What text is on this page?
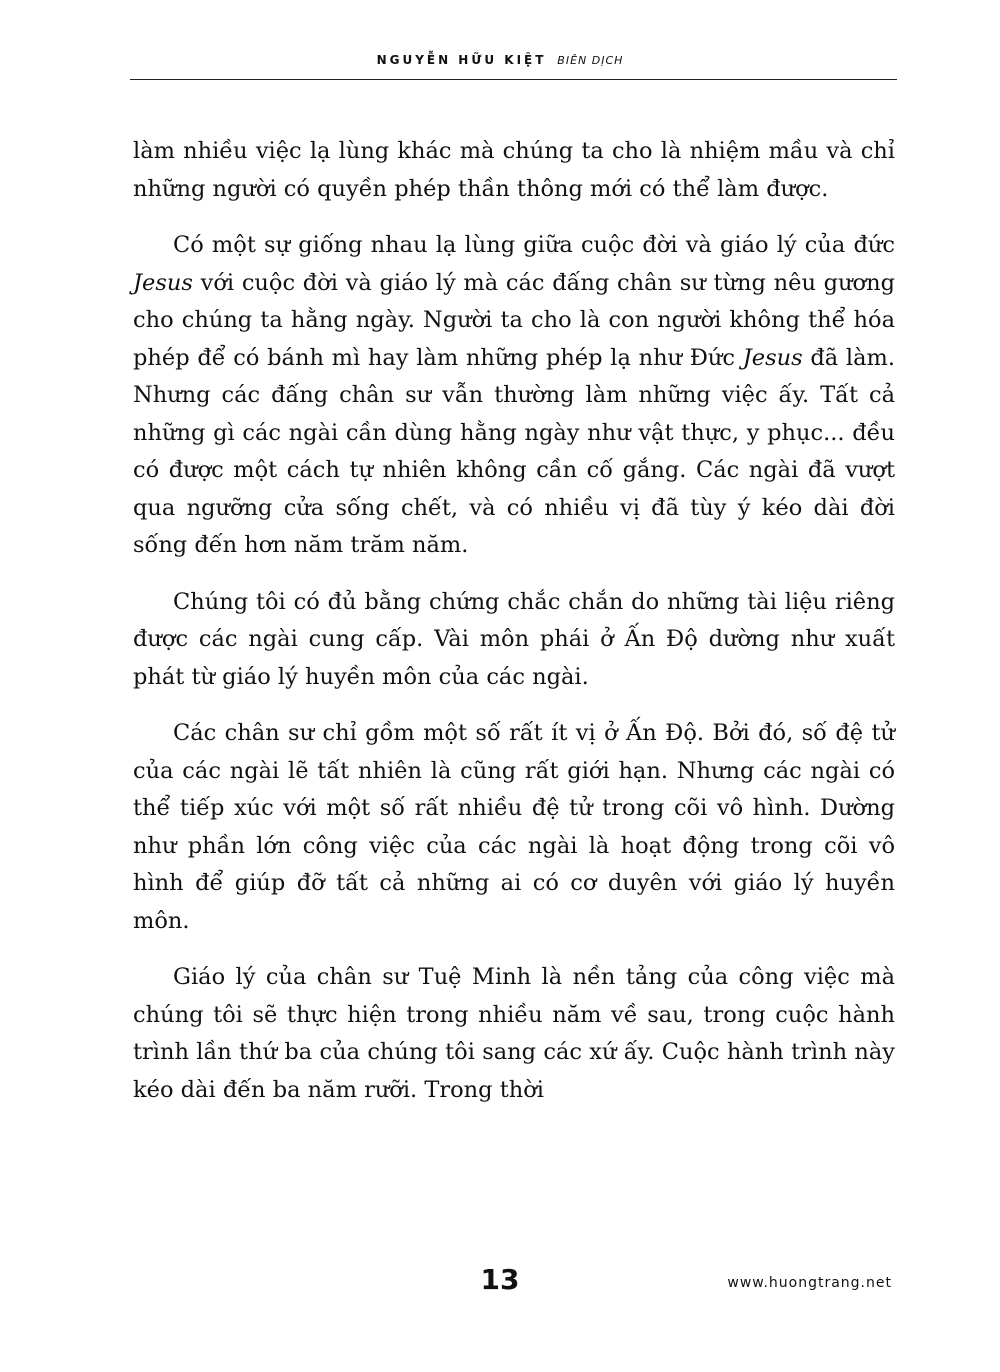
NGUYỄN HỮU KIỆT BIÊN DỊCH

làm nhiều việc lạ lùng khác mà chúng ta cho là nhiệm mầu và chỉ những người có quyền phép thần thông mới có thể làm được.

Có một sự giống nhau lạ lùng giữa cuộc đời và giáo lý của đức Jesus với cuộc đời và giáo lý mà các đấng chân sư từng nêu gương cho chúng ta hằng ngày. Người ta cho là con người không thể hóa phép để có bánh mì hay làm những phép lạ như Đức Jesus đã làm. Nhưng các đấng chân sư vẫn thường làm những việc ấy. Tất cả những gì các ngài cần dùng hằng ngày như vật thực, y phục... đều có được một cách tự nhiên không cần cố gắng. Các ngài đã vượt qua ngưỡng cửa sống chết, và có nhiều vị đã tùy ý kéo dài đời sống đến hơn năm trăm năm.

Chúng tôi có đủ bằng chứng chắc chắn do những tài liệu riêng được các ngài cung cấp. Vài môn phái ở Ấn Độ dường như xuất phát từ giáo lý huyền môn của các ngài.

Các chân sư chỉ gồm một số rất ít vị ở Ấn Độ. Bởi đó, số đệ tử của các ngài lẽ tất nhiên là cũng rất giới hạn. Nhưng các ngài có thể tiếp xúc với một số rất nhiều đệ tử trong cõi vô hình. Dường như phần lớn công việc của các ngài là hoạt động trong cõi vô hình để giúp đỡ tất cả những ai có cơ duyên với giáo lý huyền môn.

Giáo lý của chân sư Tuệ Minh là nền tảng của công việc mà chúng tôi sẽ thực hiện trong nhiều năm về sau, trong cuộc hành trình lần thứ ba của chúng tôi sang các xứ ấy. Cuộc hành trình này kéo dài đến ba năm rưỡi. Trong thời

13	www.huongtrang.net
